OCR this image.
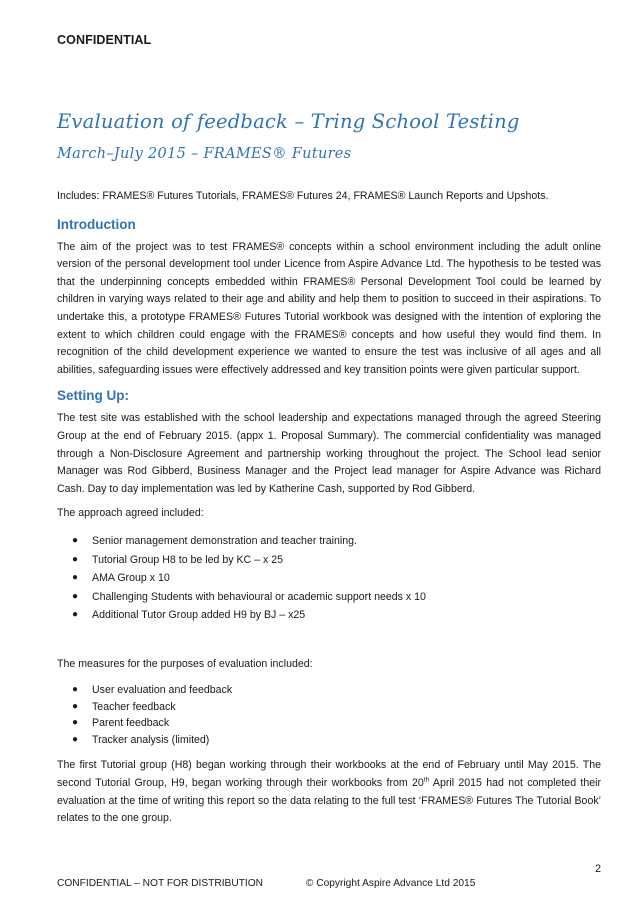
CONFIDENTIAL
Evaluation of feedback – Tring School Testing
March–July 2015 – FRAMES® Futures

Includes: FRAMES® Futures Tutorials, FRAMES® Futures 24, FRAMES® Launch Reports and Upshots.

Introduction

The aim of the project was to test FRAMES® concepts within a school environment including the adult online version of the personal development tool under Licence from Aspire Advance Ltd. The hypothesis to be tested was that the underpinning concepts embedded within FRAMES® Personal Development Tool could be learned by children in varying ways related to their age and ability and help them to position to succeed in their aspirations. To undertake this, a prototype FRAMES® Futures Tutorial workbook was designed with the intention of exploring the extent to which children could engage with the FRAMES® concepts and how useful they would find them. In recognition of the child development experience we wanted to ensure the test was inclusive of all ages and all abilities, safeguarding issues were effectively addressed and key transition points were given particular support.

Setting Up:

The test site was established with the school leadership and expectations managed through the agreed Steering Group at the end of February 2015. (appx 1. Proposal Summary). The commercial confidentiality was managed through a Non-Disclosure Agreement and partnership working throughout the project. The School lead senior Manager was Rod Gibberd, Business Manager and the Project lead manager for Aspire Advance was Richard Cash. Day to day implementation was led by Katherine Cash, supported by Rod Gibberd.

The approach agreed included:

● Senior management demonstration and teacher training.
● Tutorial Group H8 to be led by KC – x 25
● AMA Group x 10
● Challenging Students with behavioural or academic support needs x 10
● Additional Tutor Group added H9 by BJ – x25

The measures for the purposes of evaluation included:

● User evaluation and feedback
● Teacher feedback
● Parent feedback
● Tracker analysis (limited)

The first Tutorial group (H8) began working through their workbooks at the end of February until May 2015. The second Tutorial Group, H9, began working through their workbooks from 20th April 2015 had not completed their evaluation at the time of writing this report so the data relating to the full test ‘FRAMES® Futures The Tutorial Book’ relates to the one group.

2
CONFIDENTIAL – NOT FOR DISTRIBUTION	© Copyright Aspire Advance Ltd 2015
